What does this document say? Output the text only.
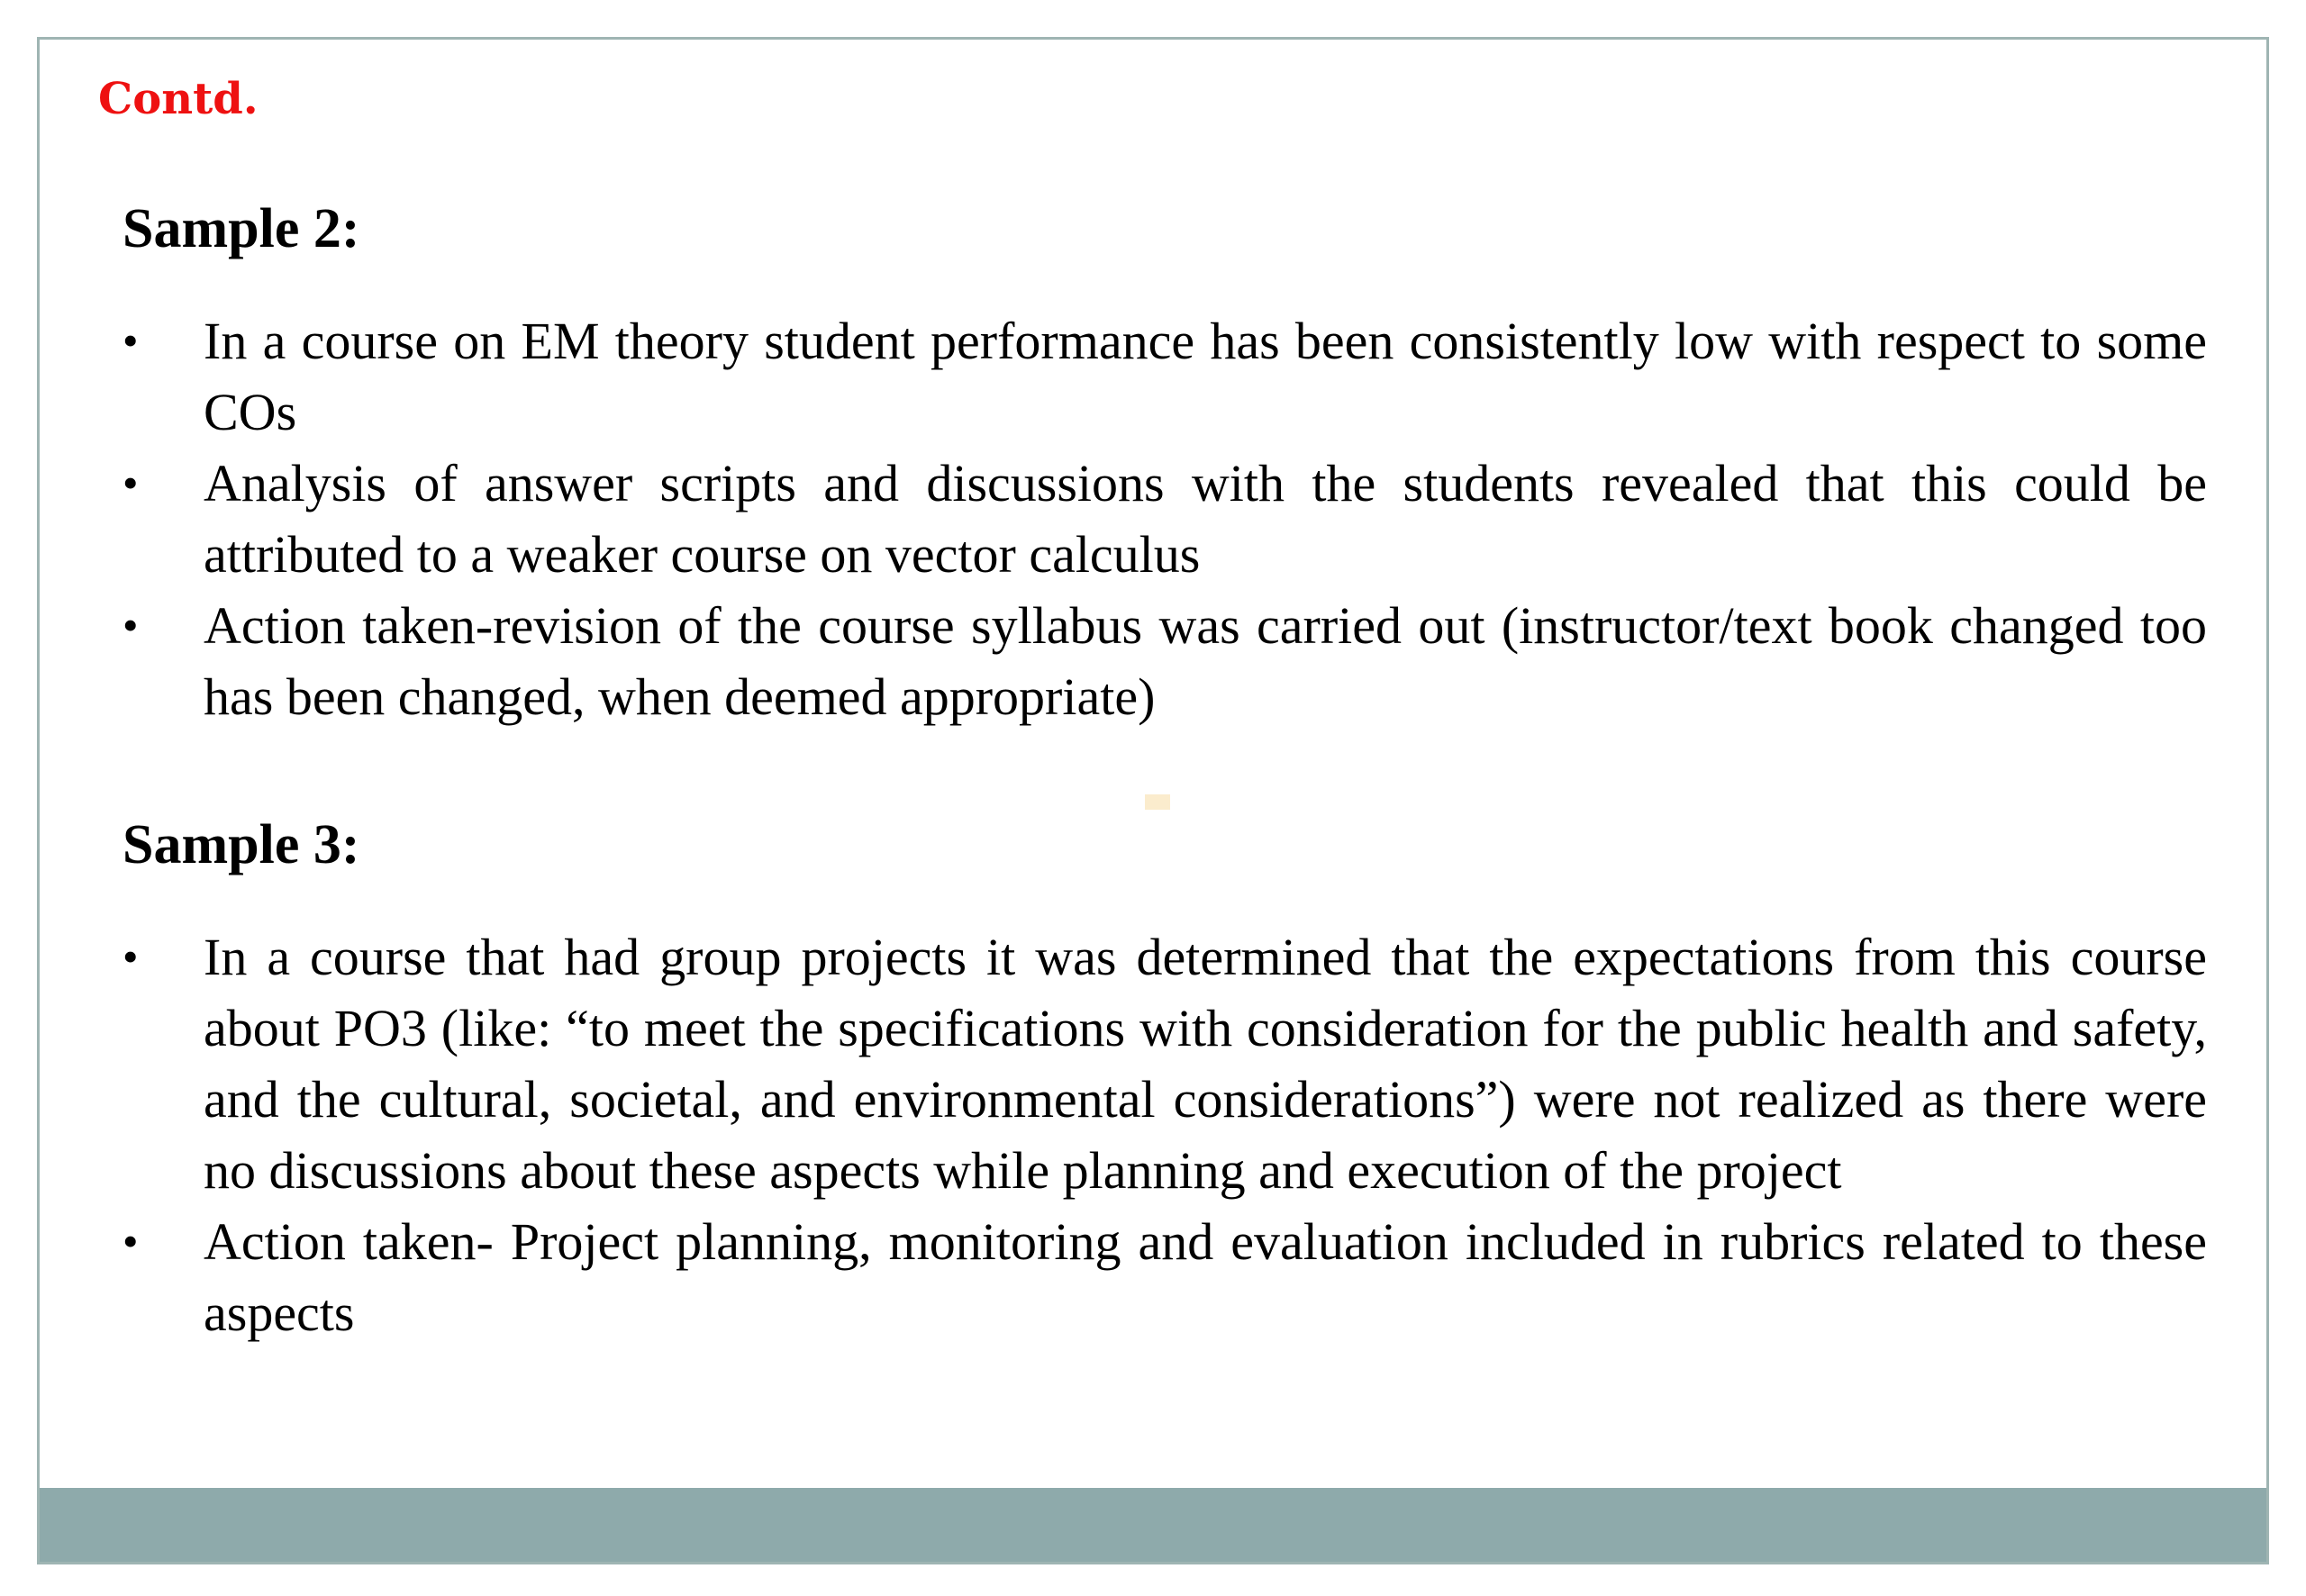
Contd.
Sample 2:
• In a course on EM theory student performance has been consistently low with respect to some COs
• Analysis of answer scripts and discussions with the students revealed that this could be attributed to a weaker course on vector calculus
• Action taken-revision of the course syllabus was carried out (instructor/text book changed too has been changed, when deemed appropriate)
Sample 3:
• In a course that had group projects it was determined that the expectations from this course about PO3 (like: “to meet the specifications with consideration for the public health and safety, and the cultural, societal, and environmental considerations”) were not realized as there were no discussions about these aspects while planning and execution of the project
• Action taken- Project planning, monitoring and evaluation included in rubrics related to these aspects
